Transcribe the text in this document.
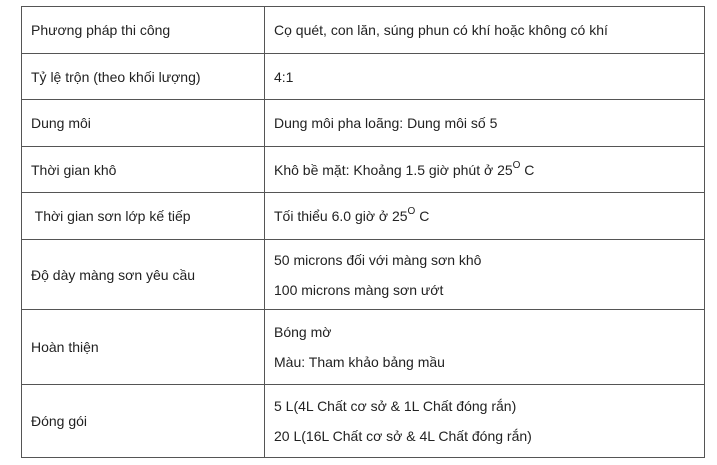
Phương pháp thi công	Cọ quét, con lăn, súng phun có khí hoặc không có khí

Tỷ lệ trộn (theo khối lượng)	4:1

Dung môi	Dung môi pha loãng: Dung môi số 5

Thời gian khô	Khô bề mặt: Khoảng 1.5 giờ phút ở $25^O$ C

Thời gian sơn lớp kế tiếp	Tối thiểu 6.0 giờ ở $25^O$ C

Độ dày màng sơn yêu cầu	50 microns đối với màng sơn khô
100 microns màng sơn ướt

Hoàn thiện	Bóng mờ
Màu: Tham khảo bảng mầu

Đóng gói	5 L(4L Chất cơ sở & 1L Chất đóng rắn)
20 L(16L Chất cơ sở & 4L Chất đóng rắn)
